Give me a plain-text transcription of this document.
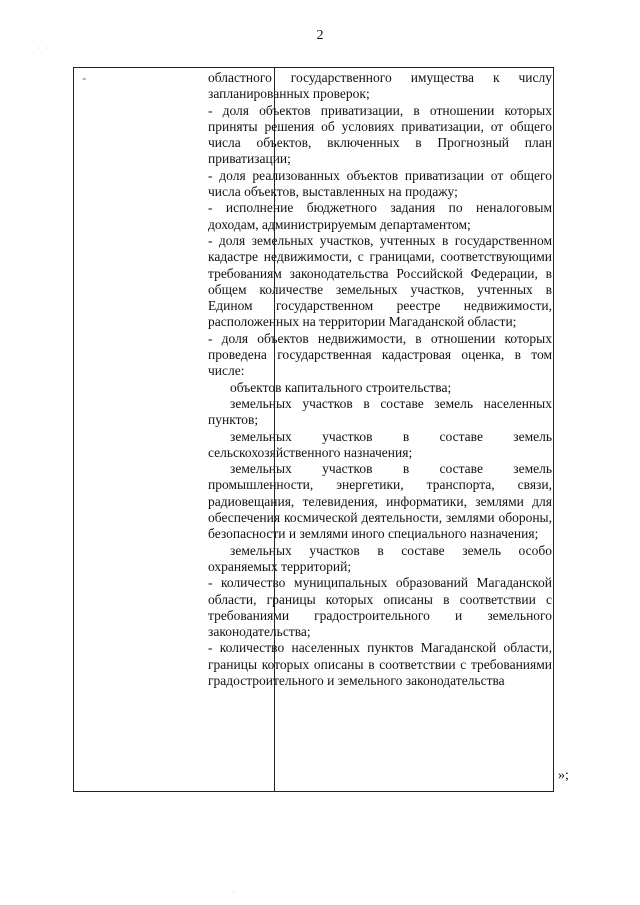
2
-	областного государственного имущества к числу запланированных проверок;

- доля объектов приватизации, в отношении которых приняты решения об условиях приватизации, от общего числа объектов, включенных в Прогнозный план приватизации;

- доля реализованных объектов приватизации от общего числа объектов, выставленных на продажу;

- исполнение бюджетного задания по неналоговым доходам, администрируемым департаментом;

- доля земельных участков, учтенных в государственном кадастре недвижимости, с границами, соответствующими требованиям законодательства Российской Федерации, в общем количестве земельных участков, учтенных в Едином государственном реестре недвижимости, расположенных на территории Магаданской области;

- доля объектов недвижимости, в отношении которых проведена государственная кадастровая оценка, в том числе:

объектов капитального строительства;

земельных участков в составе земель населенных пунктов;

земельных участков в составе земель сельскохозяйственного назначения;

земельных участков в составе земель промышленности, энергетики, транспорта, связи, радиовещания, телевидения, информатики, землями для обеспечения космической деятельности, землями обороны, безопасности и землями иного специального назначения;

земельных участков в составе земель особо охраняемых территорий;

- количество муниципальных образований Магаданской области, границы которых описаны в соответствии с требованиями градостроительного и земельного законодательства;

- количество населенных пунктов Магаданской области, границы которых описаны в соответствии с требованиями градостроительного и земельного законодательства

»;
· ·
·
